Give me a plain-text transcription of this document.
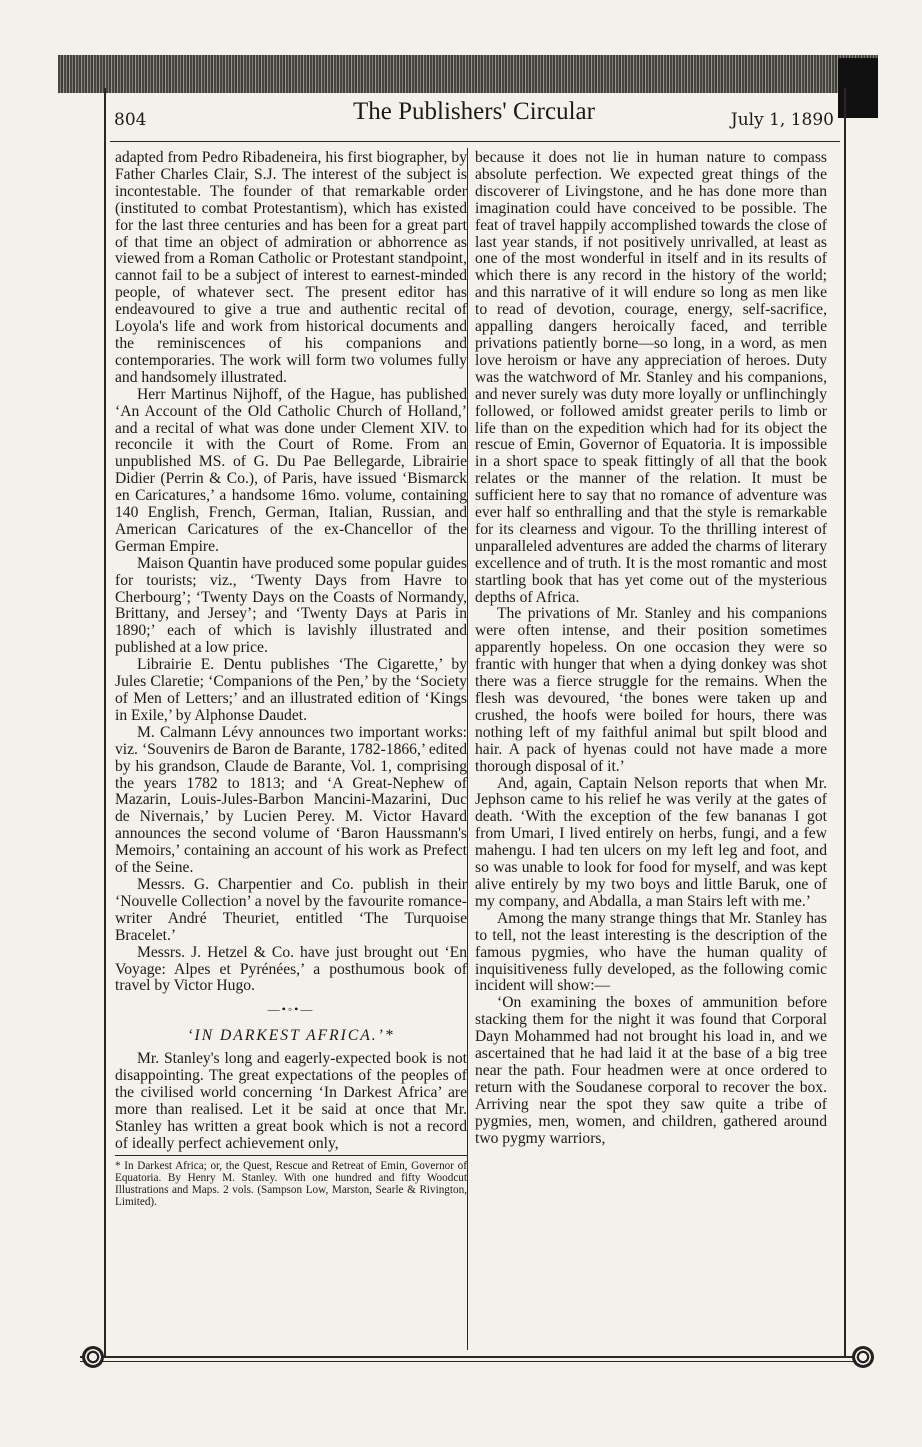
804	The Publishers' Circular	July 1, 1890

adapted from Pedro Ribadeneira, his first biographer, by Father Charles Clair, S.J. The interest of the subject is incontestable. The founder of that remarkable order (instituted to combat Protestantism), which has existed for the last three centuries and has been for a great part of that time an object of admiration or abhorrence as viewed from a Roman Catholic or Protestant standpoint, cannot fail to be a subject of interest to earnest-minded people, of whatever sect. The present editor has endeavoured to give a true and authentic recital of Loyola's life and work from historical documents and the reminiscences of his companions and contemporaries. The work will form two volumes fully and handsomely illustrated.

Herr Martinus Nijhoff, of the Hague, has published ‘An Account of the Old Catholic Church of Holland,’ and a recital of what was done under Clement XIV. to reconcile it with the Court of Rome. From an unpublished MS. of G. Du Pae Bellegarde, Librairie Didier (Perrin & Co.), of Paris, have issued ‘Bismarck en Caricatures,’ a handsome 16mo. volume, containing 140 English, French, German, Italian, Russian, and American Caricatures of the ex-Chancellor of the German Empire.

Maison Quantin have produced some popular guides for tourists; viz., ‘Twenty Days from Havre to Cherbourg’; ‘Twenty Days on the Coasts of Normandy, Brittany, and Jersey’; and ‘Twenty Days at Paris in 1890;’ each of which is lavishly illustrated and published at a low price.

Librairie E. Dentu publishes ‘The Cigarette,’ by Jules Claretie; ‘Companions of the Pen,’ by the ‘Society of Men of Letters;’ and an illustrated edition of ‘Kings in Exile,’ by Alphonse Daudet.

M. Calmann Lévy announces two important works: viz. ‘Souvenirs de Baron de Barante, 1782-1866,’ edited by his grandson, Claude de Barante, Vol. 1, comprising the years 1782 to 1813; and ‘A Great-Nephew of Mazarin, Louis-Jules-Barbon Mancini-Mazarini, Duc de Nivernais,’ by Lucien Perey. M. Victor Havard announces the second volume of ‘Baron Haussmann's Memoirs,’ containing an account of his work as Prefect of the Seine.

Messrs. G. Charpentier and Co. publish in their ‘Nouvelle Collection’ a novel by the favourite romance-writer André Theuriet, entitled ‘The Turquoise Bracelet.’

Messrs. J. Hetzel & Co. have just brought out ‘En Voyage: Alpes et Pyrénées,’ a posthumous book of travel by Victor Hugo.

—•◦•—
‘IN DARKEST AFRICA.’*

Mr. Stanley's long and eagerly-expected book is not disappointing. The great expectations of the peoples of the civilised world concerning ‘In Darkest Africa’ are more than realised. Let it be said at once that Mr. Stanley has written a great book which is not a record of ideally perfect achievement only,

* In Darkest Africa; or, the Quest, Rescue and Retreat of Emin, Governor of Equatoria. By Henry M. Stanley. With one hundred and fifty Woodcut Illustrations and Maps. 2 vols. (Sampson Low, Marston, Searle & Rivington, Limited).

because it does not lie in human nature to compass absolute perfection. We expected great things of the discoverer of Livingstone, and he has done more than imagination could have conceived to be possible. The feat of travel happily accomplished towards the close of last year stands, if not positively unrivalled, at least as one of the most wonderful in itself and in its results of which there is any record in the history of the world; and this narrative of it will endure so long as men like to read of devotion, courage, energy, self-sacrifice, appalling dangers heroically faced, and terrible privations patiently borne—so long, in a word, as men love heroism or have any appreciation of heroes. Duty was the watchword of Mr. Stanley and his companions, and never surely was duty more loyally or unflinchingly followed, or followed amidst greater perils to limb or life than on the expedition which had for its object the rescue of Emin, Governor of Equatoria. It is impossible in a short space to speak fittingly of all that the book relates or the manner of the relation. It must be sufficient here to say that no romance of adventure was ever half so enthralling and that the style is remarkable for its clearness and vigour. To the thrilling interest of unparalleled adventures are added the charms of literary excellence and of truth. It is the most romantic and most startling book that has yet come out of the mysterious depths of Africa.

The privations of Mr. Stanley and his companions were often intense, and their position sometimes apparently hopeless. On one occasion they were so frantic with hunger that when a dying donkey was shot there was a fierce struggle for the remains. When the flesh was devoured, ‘the bones were taken up and crushed, the hoofs were boiled for hours, there was nothing left of my faithful animal but spilt blood and hair. A pack of hyenas could not have made a more thorough disposal of it.’

And, again, Captain Nelson reports that when Mr. Jephson came to his relief he was verily at the gates of death. ‘With the exception of the few bananas I got from Umari, I lived entirely on herbs, fungi, and a few mahengu. I had ten ulcers on my left leg and foot, and so was unable to look for food for myself, and was kept alive entirely by my two boys and little Baruk, one of my company, and Abdalla, a man Stairs left with me.’

Among the many strange things that Mr. Stanley has to tell, not the least interesting is the description of the famous pygmies, who have the human quality of inquisitiveness fully developed, as the following comic incident will show:—

‘On examining the boxes of ammunition before stacking them for the night it was found that Corporal Dayn Mohammed had not brought his load in, and we ascertained that he had laid it at the base of a big tree near the path. Four headmen were at once ordered to return with the Soudanese corporal to recover the box. Arriving near the spot they saw quite a tribe of pygmies, men, women, and children, gathered around two pygmy warriors,
